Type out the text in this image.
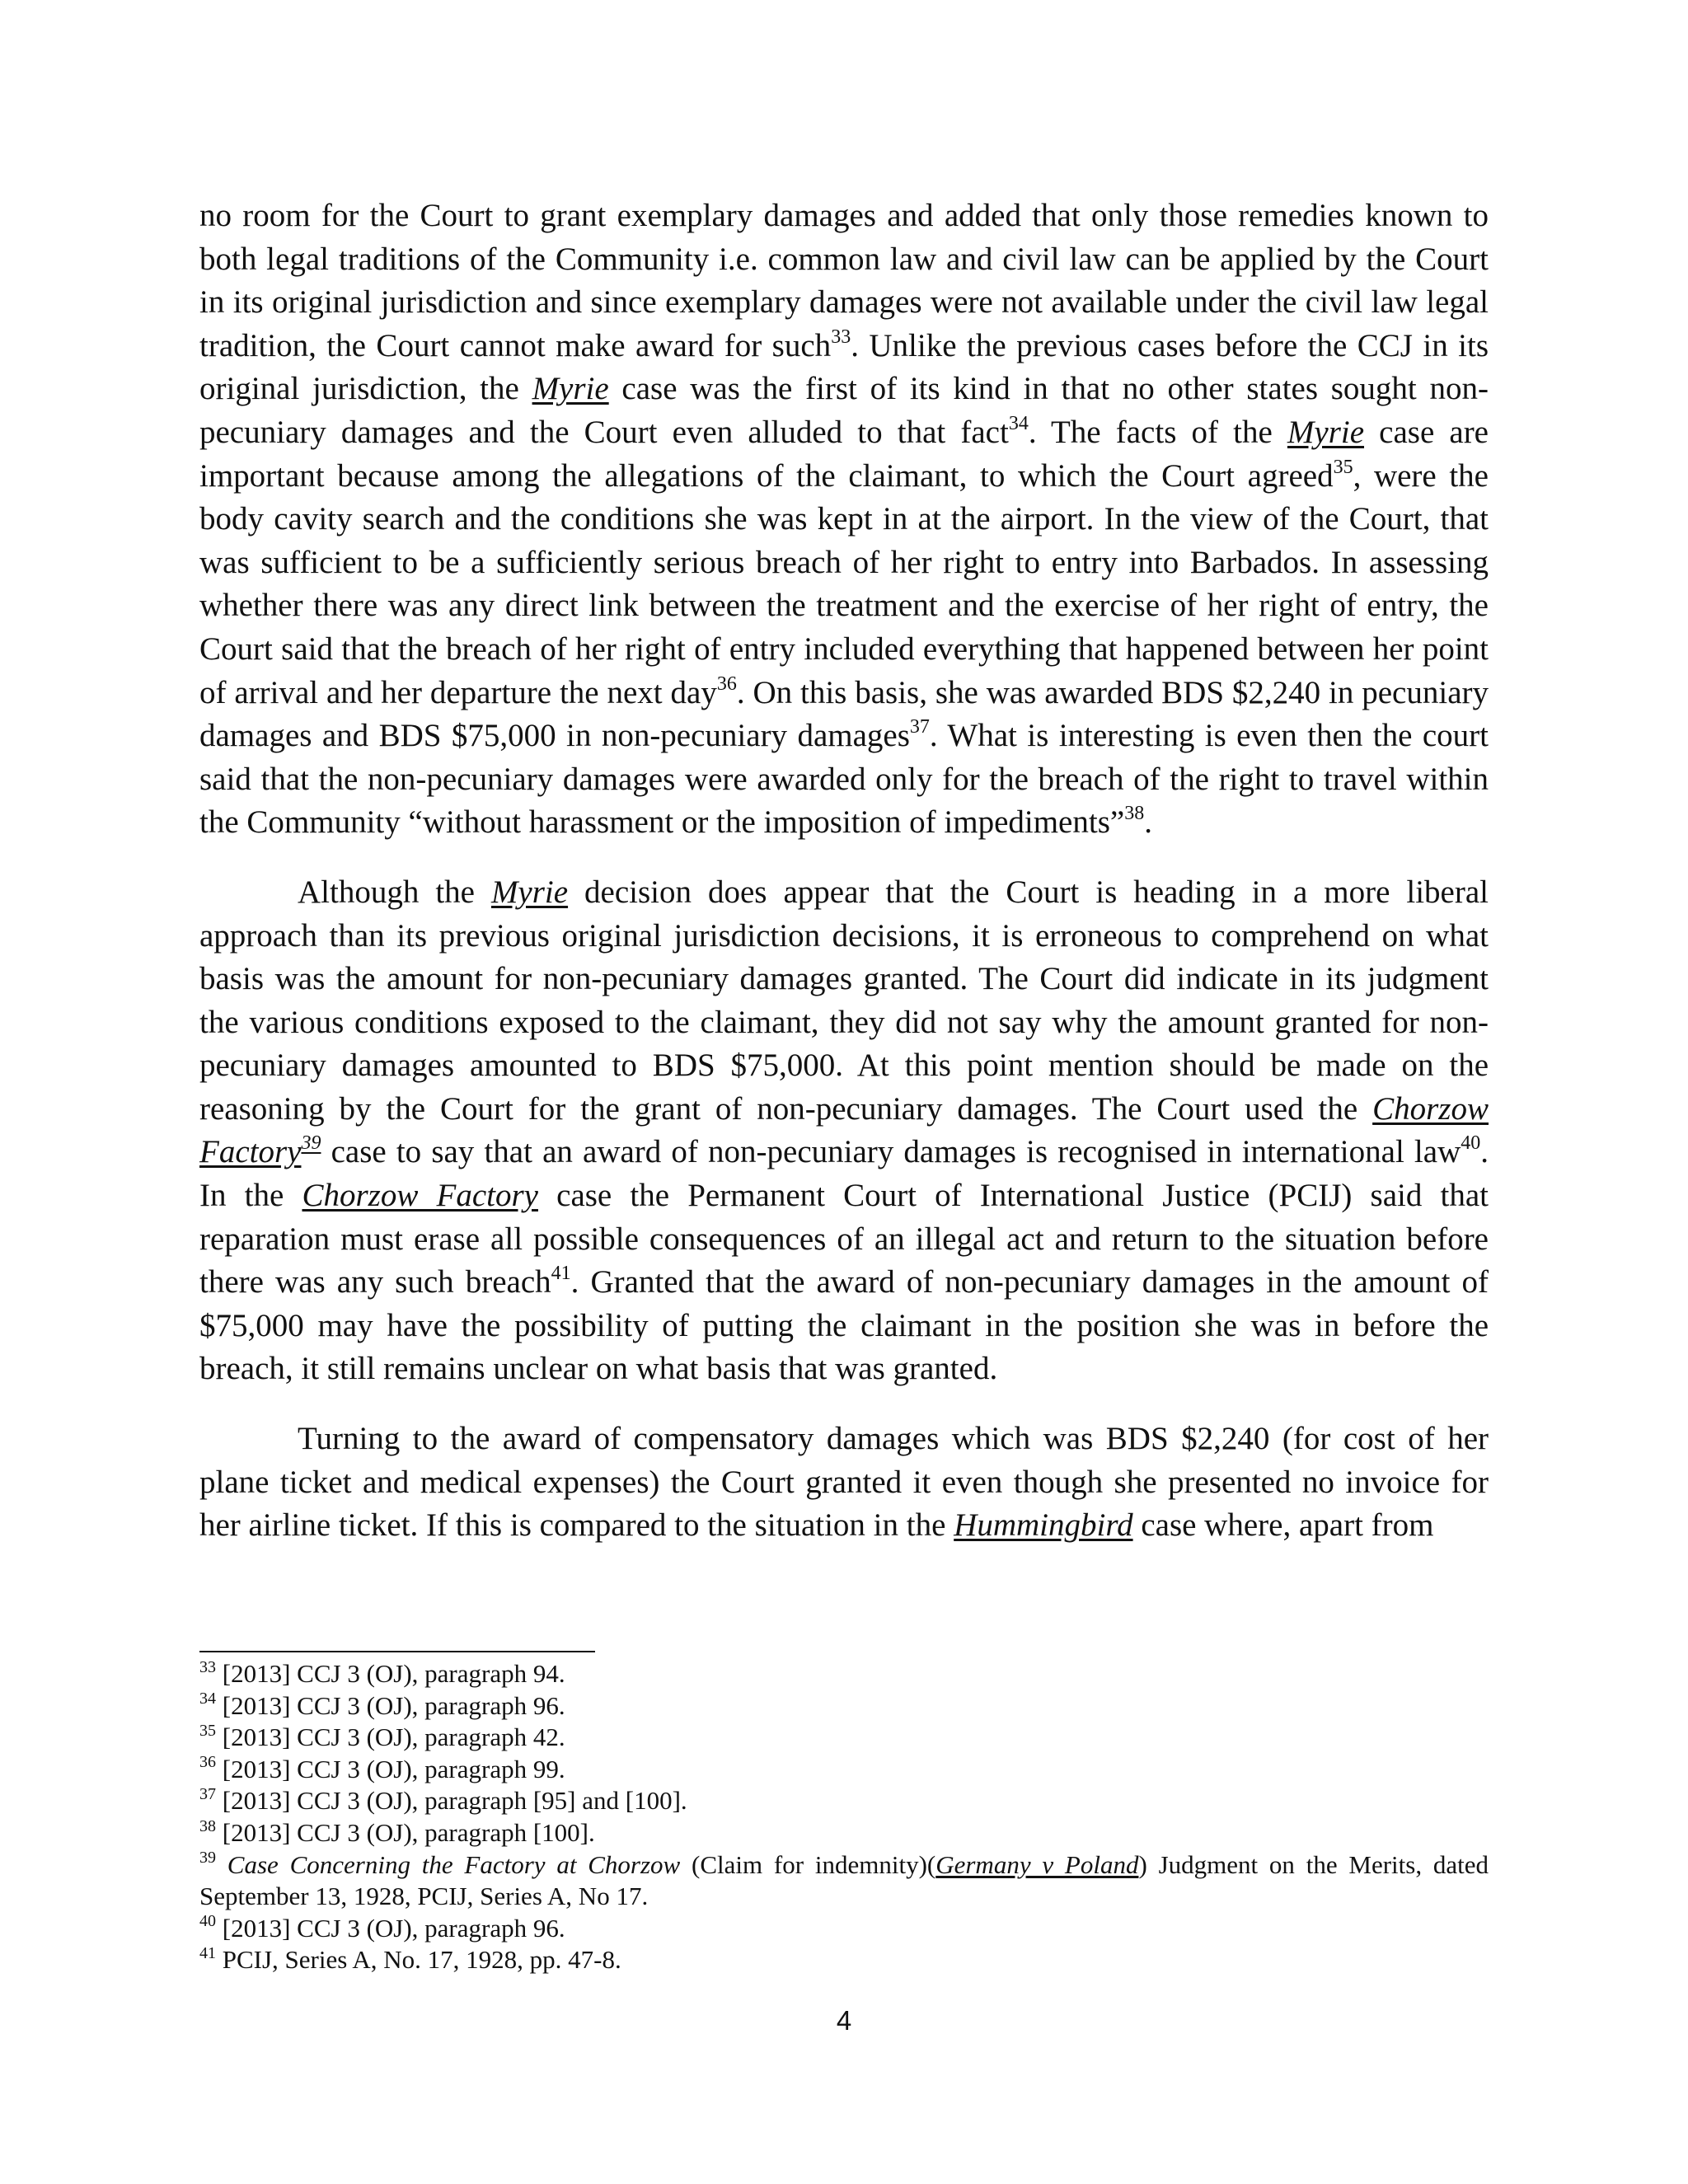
no room for the Court to grant exemplary damages and added that only those remedies known to both legal traditions of the Community i.e. common law and civil law can be applied by the Court in its original jurisdiction and since exemplary damages were not available under the civil law legal tradition, the Court cannot make award for such$^{33}$. Unlike the previous cases before the CCJ in its original jurisdiction, the Myrie case was the first of its kind in that no other states sought non-pecuniary damages and the Court even alluded to that fact$^{34}$. The facts of the Myrie case are important because among the allegations of the claimant, to which the Court agreed$^{35}$, were the body cavity search and the conditions she was kept in at the airport. In the view of the Court, that was sufficient to be a sufficiently serious breach of her right to entry into Barbados. In assessing whether there was any direct link between the treatment and the exercise of her right of entry, the Court said that the breach of her right of entry included everything that happened between her point of arrival and her departure the next day$^{36}$. On this basis, she was awarded BDS $2,240 in pecuniary damages and BDS $75,000 in non-pecuniary damages$^{37}$. What is interesting is even then the court said that the non-pecuniary damages were awarded only for the breach of the right to travel within the Community “without harassment or the imposition of impediments”$^{38}$.

Although the Myrie decision does appear that the Court is heading in a more liberal approach than its previous original jurisdiction decisions, it is erroneous to comprehend on what basis was the amount for non-pecuniary damages granted. The Court did indicate in its judgment the various conditions exposed to the claimant, they did not say why the amount granted for non-pecuniary damages amounted to BDS $75,000. At this point mention should be made on the reasoning by the Court for the grant of non-pecuniary damages. The Court used the Chorzow Factory$^{39}$ case to say that an award of non-pecuniary damages is recognised in international law$^{40}$. In the Chorzow Factory case the Permanent Court of International Justice (PCIJ) said that reparation must erase all possible consequences of an illegal act and return to the situation before there was any such breach$^{41}$. Granted that the award of non-pecuniary damages in the amount of $75,000 may have the possibility of putting the claimant in the position she was in before the breach, it still remains unclear on what basis that was granted.

Turning to the award of compensatory damages which was BDS $2,240 (for cost of her plane ticket and medical expenses) the Court granted it even though she presented no invoice for her airline ticket. If this is compared to the situation in the Hummingbird case where, apart from

$^{33}$ [2013] CCJ 3 (OJ), paragraph 94.

$^{34}$ [2013] CCJ 3 (OJ), paragraph 96.

$^{35}$ [2013] CCJ 3 (OJ), paragraph 42.

$^{36}$ [2013] CCJ 3 (OJ), paragraph 99.

$^{37}$ [2013] CCJ 3 (OJ), paragraph [95] and [100].

$^{38}$ [2013] CCJ 3 (OJ), paragraph [100].

$^{39}$ Case Concerning the Factory at Chorzow (Claim for indemnity)(Germany v Poland) Judgment on the Merits, dated September 13, 1928, PCIJ, Series A, No 17.

$^{40}$ [2013] CCJ 3 (OJ), paragraph 96.

$^{41}$ PCIJ, Series A, No. 17, 1928, pp. 47-8.

4
